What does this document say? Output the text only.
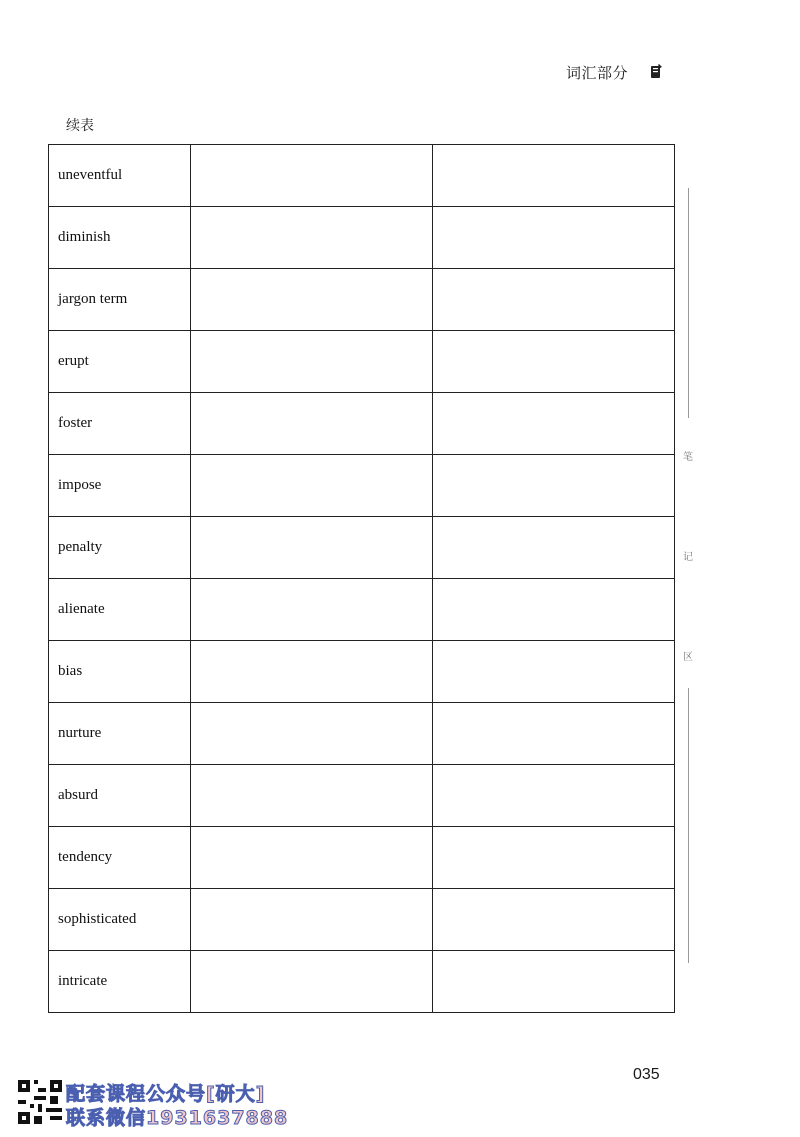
词汇部分
续表
uneventful		
diminish		
jargon term		
erupt		
foster		
impose		
penalty		
alienate		
bias		
nurture		
absurd		
tendency		
sophisticated		
intricate		
笔
记
区
035
配套课程公众号[研大]
联系微信1931637888
